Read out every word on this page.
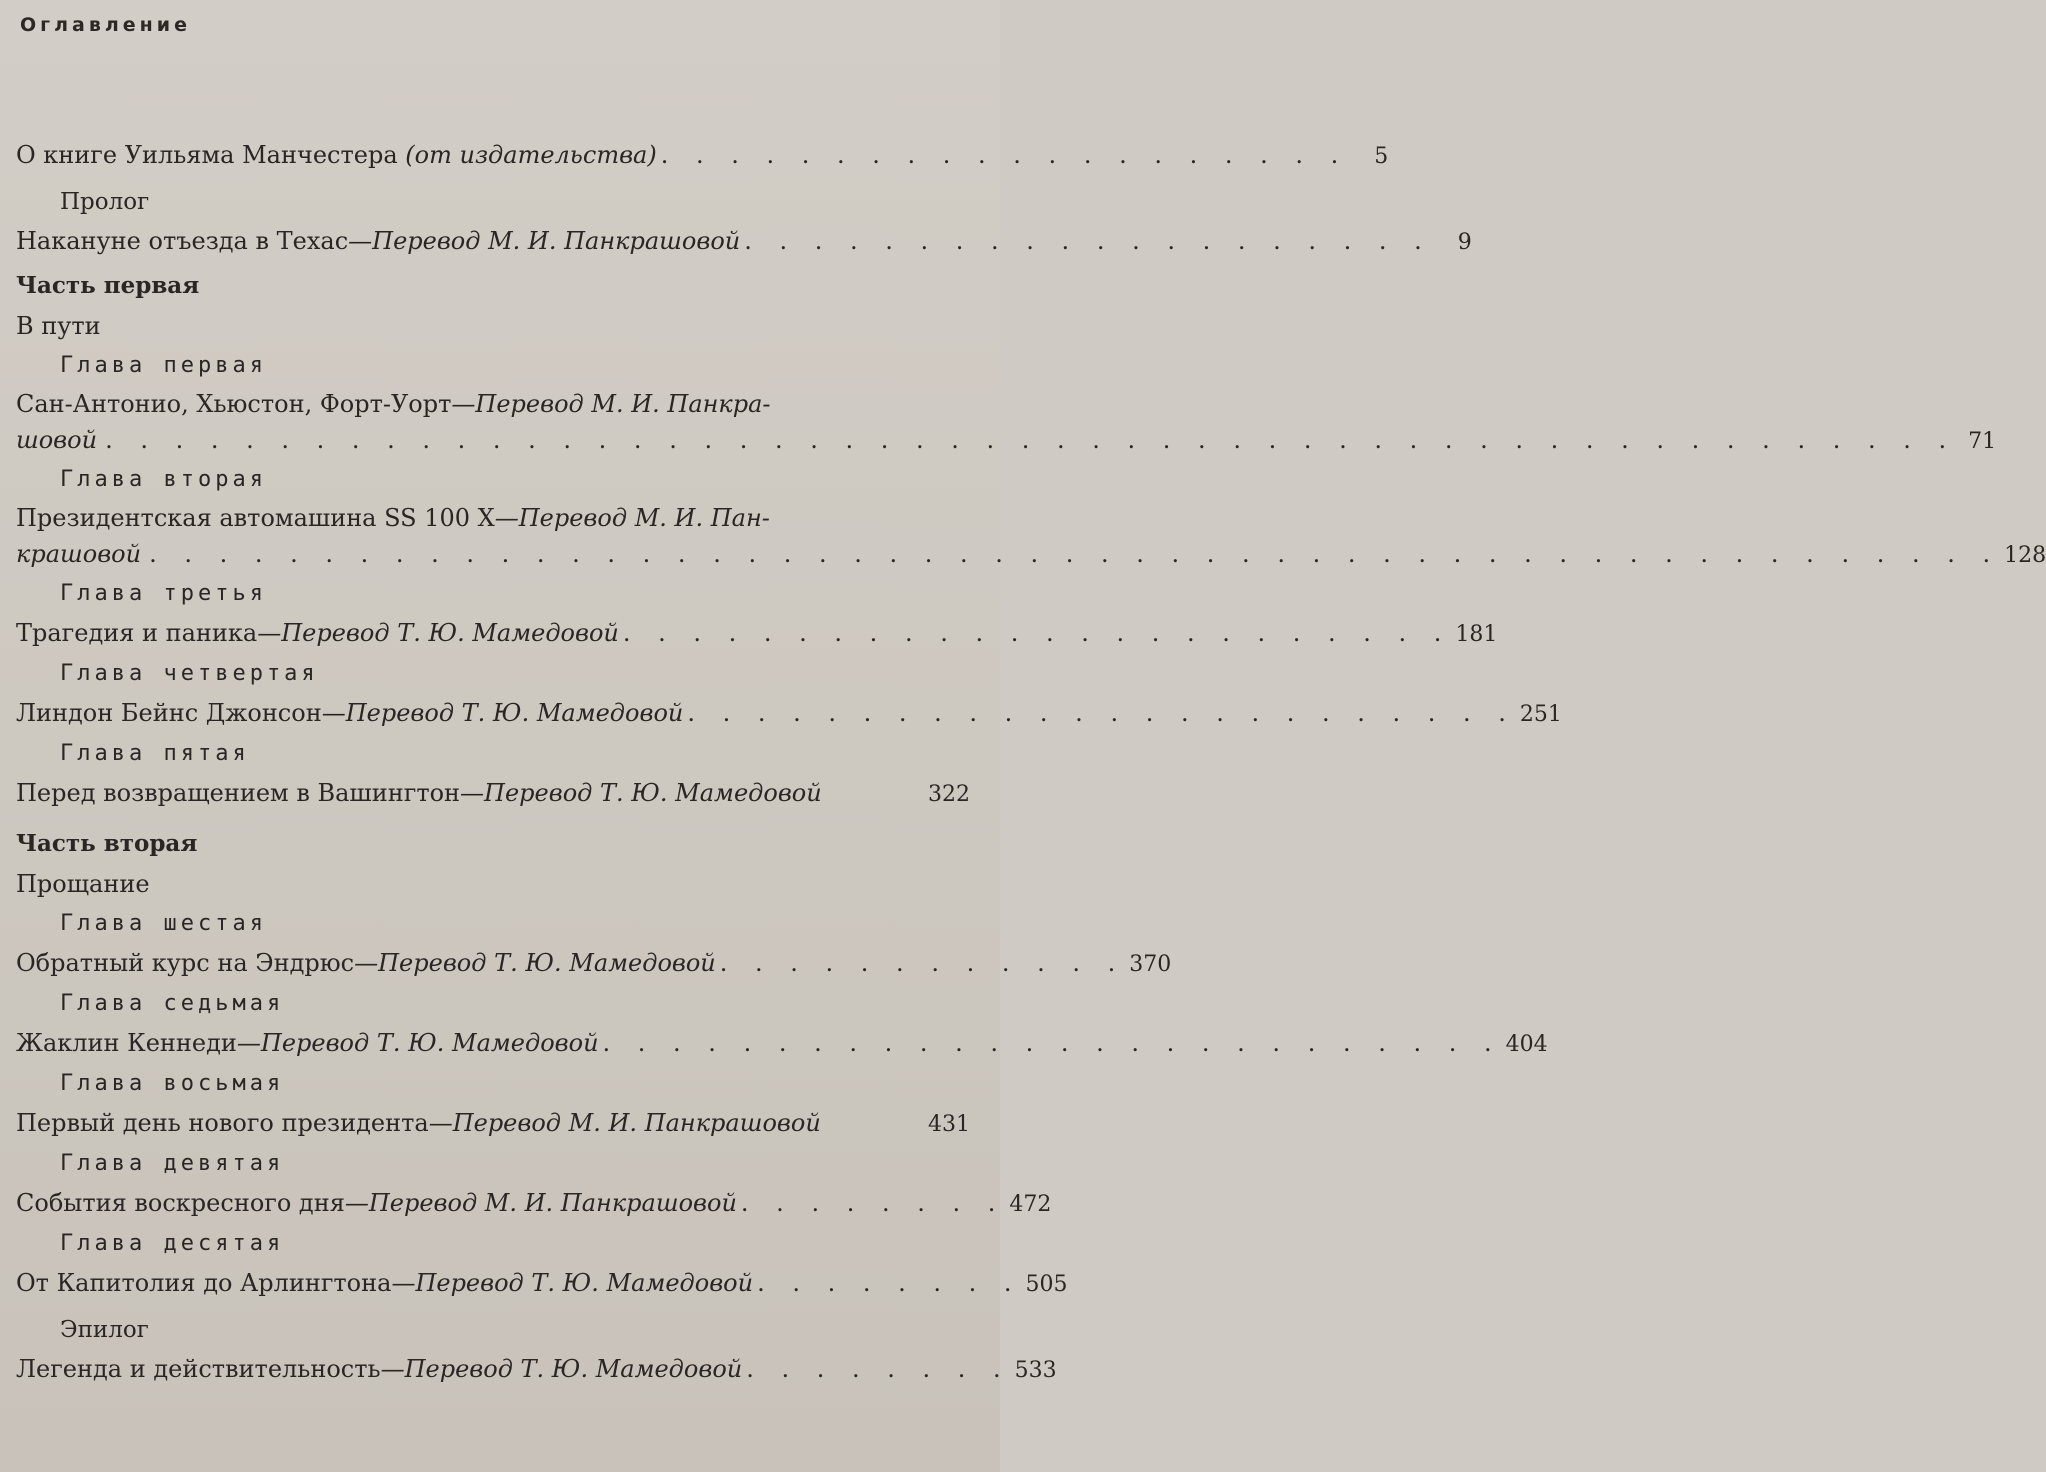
Оглавление
О книге Уильяма Манчестера (от издательства) . . . . . . . . . . . . . . . . . . . .	5
Пролог
Накануне отъезда в Техас—Перевод М. И. Панкрашовой . . . . . . . . . . . . . . . . . . . .	9
Часть первая
В пути
Глава первая
Сан-Антонио, Хьюстон, Форт-Уорт—Перевод М. И. Панкра-
шовой . . . . . . . . . . . . . . . . . . . . . . . . . . . . . . . . . . . . . . . . . . . . . . . . . . . . . 71
Глава вторая
Президентская автомашина SS 100 X—Перевод М. И. Пан-
крашовой . . . . . . . . . . . . . . . . . . . . . . . . . . . . . . . . . . . . . . . . . . . . . . . . . . . . . 128
Глава третья
Трагедия и паника—Перевод Т. Ю. Мамедовой . . . . . . . . . . . . . . . . . . . . . . . . 181
Глава четвертая
Линдон Бейнс Джонсон—Перевод Т. Ю. Мамедовой . . . . . . . . . . . . . . . . . . . . . . . . 251
Глава пятая
Перед возвращением в Вашингтон—Перевод Т. Ю. Мамедовой	322
Часть вторая
Прощание
Глава шестая
Обратный курс на Эндрюс—Перевод Т. Ю. Мамедовой . . . . . . . . . . . . 370
Глава седьмая
Жаклин Кеннеди—Перевод Т. Ю. Мамедовой . . . . . . . . . . . . . . . . . . . . . . . . . . 404
Глава восьмая
Первый день нового президента—Перевод М. И. Панкрашовой	431
Глава девятая
События воскресного дня—Перевод М. И. Панкрашовой . . . . . . . . 472
Глава десятая
От Капитолия до Арлингтона—Перевод Т. Ю. Мамедовой . . . . . . . . 505
Эпилог
Легенда и действительность—Перевод Т. Ю. Мамедовой . . . . . . . . 533
